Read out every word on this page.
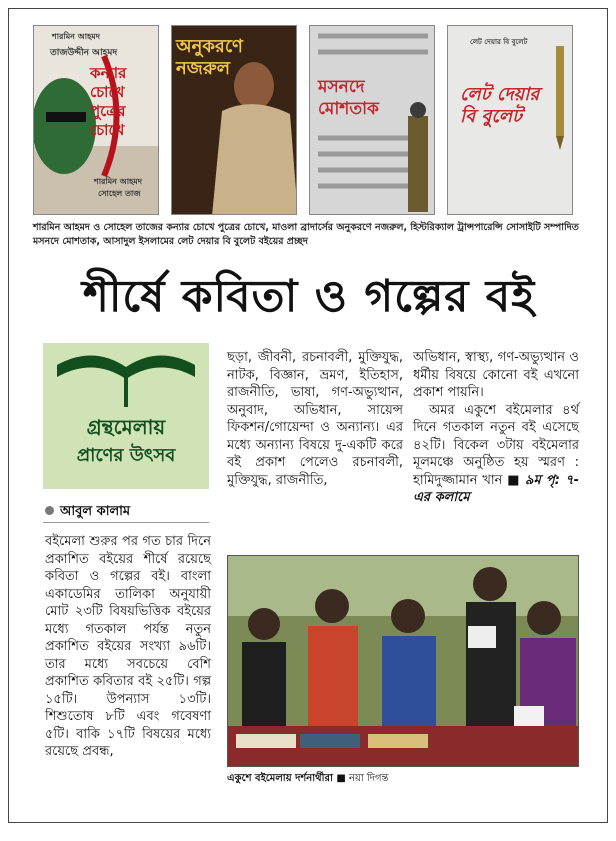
শারমিন আহমদ
তাজউদ্দীন আহমদ
কন্যার চোখে পুত্রের চোখে
শারমিন আহমদ
সোহেল তাজ
অনুকরণে নজরুল
মসনদে মোশতাক
লেট দেয়ার বি বুলেট
লেট দেয়ার বি বুলেট
শারমিন আহমদ ও সোহেল তাজের কন্যার চোখে পুত্রের চোখে, মাওলা ব্রাদার্সের অনুকরণে নজরুল, হিস্টরিক্যাল ট্রান্সপারেন্সি সোসাইটি সম্পাদিত মসনদে মোশতাক, আসাদুল ইসলামের লেট দেয়ার বি বুলেট বইয়ের প্রচ্ছদ
শীর্ষে কবিতা ও গল্পের বই
গ্রন্থমেলায়
প্রাণের উৎসব
আবুল কালাম
বইমেলা শুরুর পর গত চার দিনে প্রকাশিত বইয়ের শীর্ষে রয়েছে কবিতা ও গল্পের বই। বাংলা একাডেমির তালিকা অনুযায়ী মোট ২৩টি বিষয়ভিত্তিক বইয়ের মধ্যে গতকাল পর্যন্ত নতুন প্রকাশিত বইয়ের সংখ্যা ৯৬টি। তার মধ্যে সবচেয়ে বেশি প্রকাশিত কবিতার বই ২৫টি। গল্প ১৫টি। উপন্যাস ১৩টি। শিশুতোষ ৮টি এবং গবেষণা ৫টি। বাকি ১৭টি বিষয়ের মধ্যে রয়েছে প্রবন্ধ,
ছড়া, জীবনী, রচনাবলী, মুক্তিযুদ্ধ, নাটক, বিজ্ঞান, ভ্রমণ, ইতিহাস, রাজনীতি, ভাষা, গণ-অভ্যুত্থান, অনুবাদ, অভিধান, সায়েন্স ফিকশন/গোয়েন্দা ও অন্যান্য। এর মধ্যে অন্যান্য বিষয়ে দু-একটি করে বই প্রকাশ পেলেও রচনাবলী, মুক্তিযুদ্ধ, রাজনীতি,

অভিধান, স্বাস্থ্য, গণ-অভ্যুত্থান ও ধর্মীয় বিষয়ে কোনো বই এখনো প্রকাশ পায়নি।

অমর একুশে বইমেলার ৪র্থ দিনে গতকাল নতুন বই এসেছে ৪২টি। বিকেল ৩টায় বইমেলার মূলমঞ্চে অনুষ্ঠিত হয় স্মরণ : হামিদুজ্জামান খান ■ ৯ম পৃ: ৭-এর কলামে

একুশে বইমেলায় দর্শনার্থীরা ■ নয়া দিগন্ত
